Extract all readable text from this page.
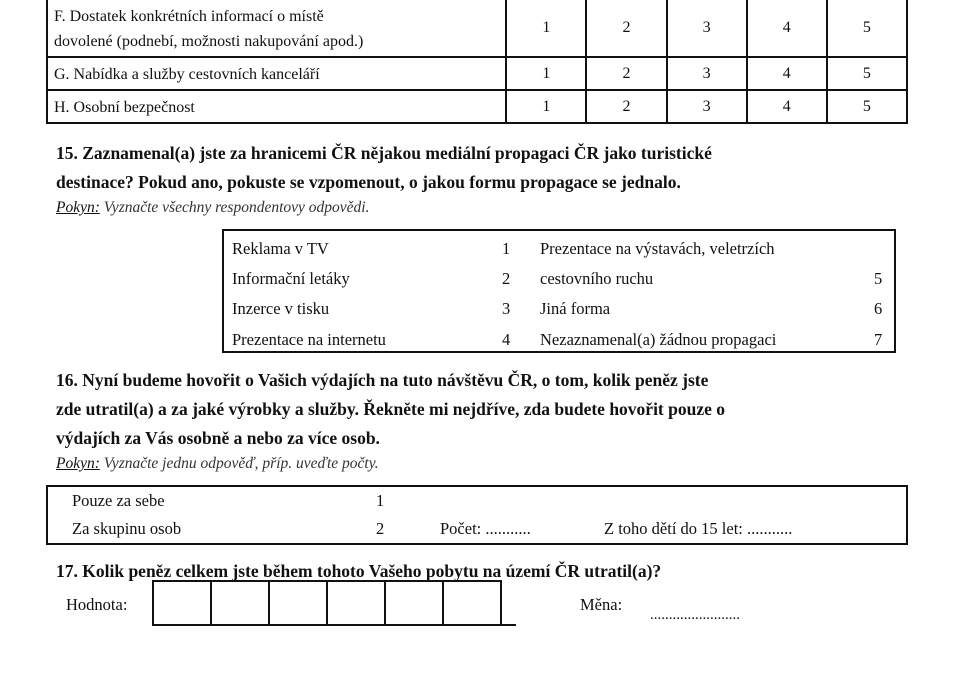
F. Dostatek konkrétních informací o místě
dovolené (podnebí, možnosti nakupování apod.)	1	2	3	4	5
G. Nabídka a služby cestovních kanceláří	1	2	3	4	5
H. Osobní bezpečnost	1	2	3	4	5
15. Zaznamenal(a) jste za hranicemi ČR nějakou mediální propagaci ČR jako turistické
destinace? Pokud ano, pokuste se vzpomenout, o jakou formu propagace se jednalo.
Pokyn: Vyznačte všechny respondentovy odpovědi.
Reklama v TV	1
Informační letáky	2
Inzerce v tisku	3
Prezentace na internetu	4
Prezentace na výstavách, veletrzích
cestovního ruchu	5
Jiná forma	6
Nezaznamenal(a) žádnou propagaci	7
16. Nyní budeme hovořit o Vašich výdajích na tuto návštěvu ČR, o tom, kolik peněz jste
zde utratil(a) a za jaké výrobky a služby. Řekněte mi nejdříve, zda budete hovořit pouze o
výdajích za Vás osobně a nebo za více osob.
Pokyn: Vyznačte jednu odpověď, příp. uveďte počty.
Pouze za sebe	1
Za skupinu osob	2	Počet: ...........	Z toho dětí do 15 let: ...........
17. Kolik peněz celkem jste během tohoto Vašeho pobytu na území ČR utratil(a)?
Hodnota:	Měna:
........................
